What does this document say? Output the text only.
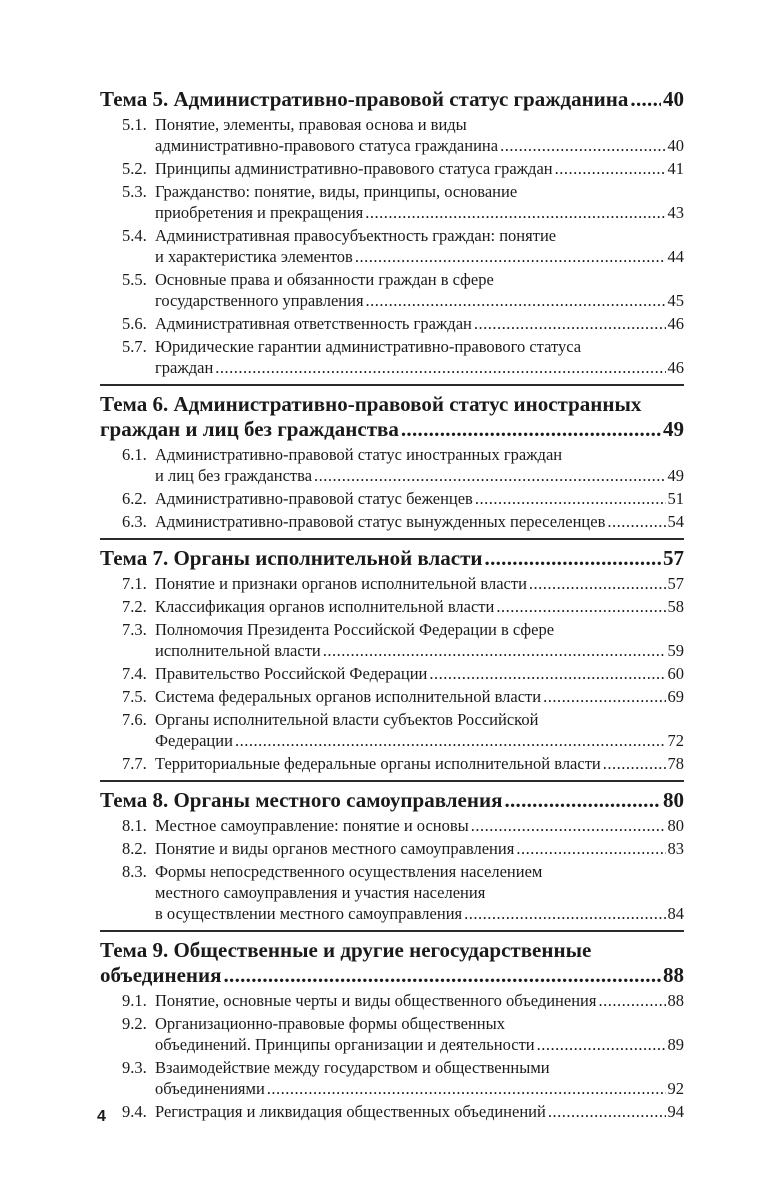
Тема 5. Административно-правовой статус гражданина ..... 40
5.1. Понятие, элементы, правовая основа и виды
административно-правового статуса гражданина .....	40
5.2. Принципы административно-правового статуса граждан .....	41
5.3. Гражданство: понятие, виды, принципы, основание
приобретения и прекращения .....	43
5.4. Административная правосубъектность граждан: понятие
и характеристика элементов .....	44
5.5. Основные права и обязанности граждан в сфере
государственного управления .....	45
5.6. Административная ответственность граждан .....	46
5.7. Юридические гарантии административно-правового статуса
граждан .....	46
Тема 6. Административно-правовой статус иностранных
граждан и лиц без гражданства .....	49
6.1. Административно-правовой статус иностранных граждан
и лиц без гражданства .....	49
6.2. Административно-правовой статус беженцев .....	51
6.3. Административно-правовой статус вынужденных переселенцев .....	54
Тема 7. Органы исполнительной власти .....	57
7.1. Понятие и признаки органов исполнительной власти .....	57
7.2. Классификация органов исполнительной власти .....	58
7.3. Полномочия Президента Российской Федерации в сфере
исполнительной власти .....	59
7.4. Правительство Российской Федерации .....	60
7.5. Система федеральных органов исполнительной власти .....	69
7.6. Органы исполнительной власти субъектов Российской
Федерации .....	72
7.7. Территориальные федеральные органы исполнительной власти .....	78
Тема 8. Органы местного самоуправления .....	80
8.1. Местное самоуправление: понятие и основы .....	80
8.2. Понятие и виды органов местного самоуправления .....	83
8.3. Формы непосредственного осуществления населением
местного самоуправления и участия населения
в осуществлении местного самоуправления .....	84
Тема 9. Общественные и другие негосударственные
объединения .....	88
9.1. Понятие, основные черты и виды общественного объединения .....	88
9.2. Организационно-правовые формы общественных
объединений. Принципы организации и деятельности .....	89
9.3. Взаимодействие между государством и общественными
объединениями .....	92
9.4. Регистрация и ликвидация общественных объединений .....	94
4
